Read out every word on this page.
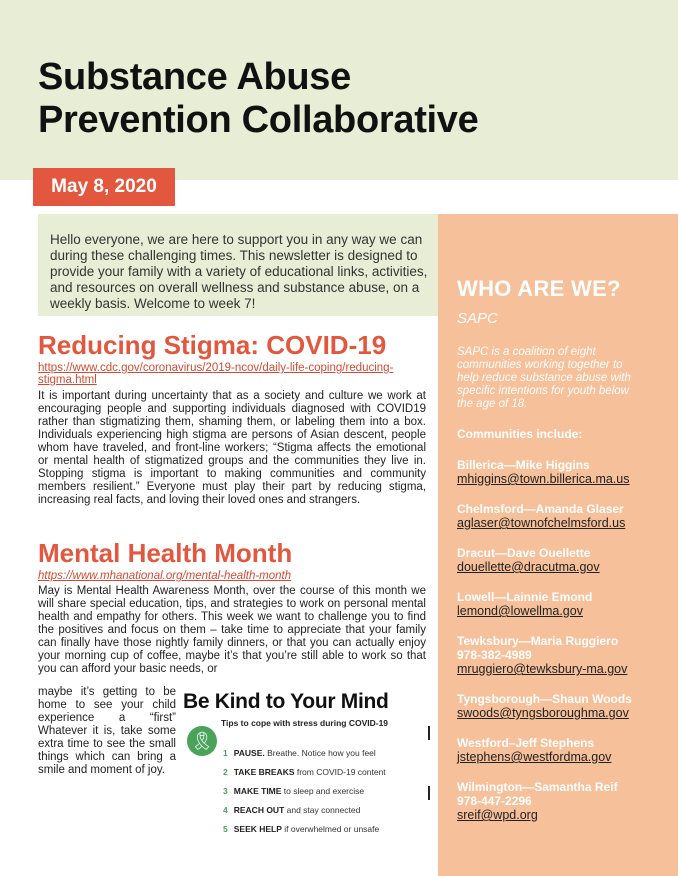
Substance Abuse
Prevention Collaborative
May 8, 2020
Hello everyone, we are here to support you in any way we can during these challenging times. This newsletter is designed to provide your family with a variety of educational links, activities, and resources on overall wellness and substance abuse, on a weekly basis. Welcome to week 7!
Reducing Stigma: COVID-19
https://www.cdc.gov/coronavirus/2019-ncov/daily-life-coping/reducing-stigma.html
It is important during uncertainty that as a society and culture we work at encouraging people and supporting individuals diagnosed with COVID19 rather than stigmatizing them, shaming them, or labeling them into a box. Individuals experiencing high stigma are persons of Asian descent, people whom have traveled, and front-line workers; “Stigma affects the emotional or mental health of stigmatized groups and the communities they live in. Stopping stigma is important to making communities and community members resilient.” Everyone must play their part by reducing stigma, increasing real facts, and loving their loved ones and strangers.
Mental Health Month
https://www.mhanational.org/mental-health-month
May is Mental Health Awareness Month, over the course of this month we will share special education, tips, and strategies to work on personal mental health and empathy for others. This week we want to challenge you to find the positives and focus on them – take time to appreciate that your family can finally have those nightly family dinners, or that you can actually enjoy your morning cup of coffee, maybe it’s that you’re still able to work so that you can afford your basic needs, or
maybe it’s getting to be home to see your child experience a “first” Whatever it is, take some extra time to see the small things which can bring a smile and moment of joy.
Be Kind to Your Mind
Tips to cope with stress during COVID-19
🎗
1 PAUSE. Breathe. Notice how you feel
2 TAKE BREAKS from COVID-19 content
3 MAKE TIME to sleep and exercise
4 REACH OUT and stay connected
5 SEEK HELP if overwhelmed or unsafe
WHO ARE WE?
SAPC
SAPC is a coalition of eight communities working together to help reduce substance abuse with specific intentions for youth below the age of 18.
Communities include:
Billerica—Mike Higgins
mhiggins@town.billerica.ma.us
Chelmsford—Amanda Glaser
aglaser@townofchelmsford.us
Dracut—Dave Ouellette
douellette@dracutma.gov
Lowell—Lainnie Emond
lemond@lowellma.gov
Tewksbury—Maria Ruggiero
978-382-4989
mruggiero@tewksbury-ma.gov
Tyngsborough—Shaun Woods
swoods@tyngsboroughma.gov
Westford–Jeff Stephens
jstephens@westfordma.gov
Wilmington—Samantha Reif
978-447-2296
sreif@wpd.org
